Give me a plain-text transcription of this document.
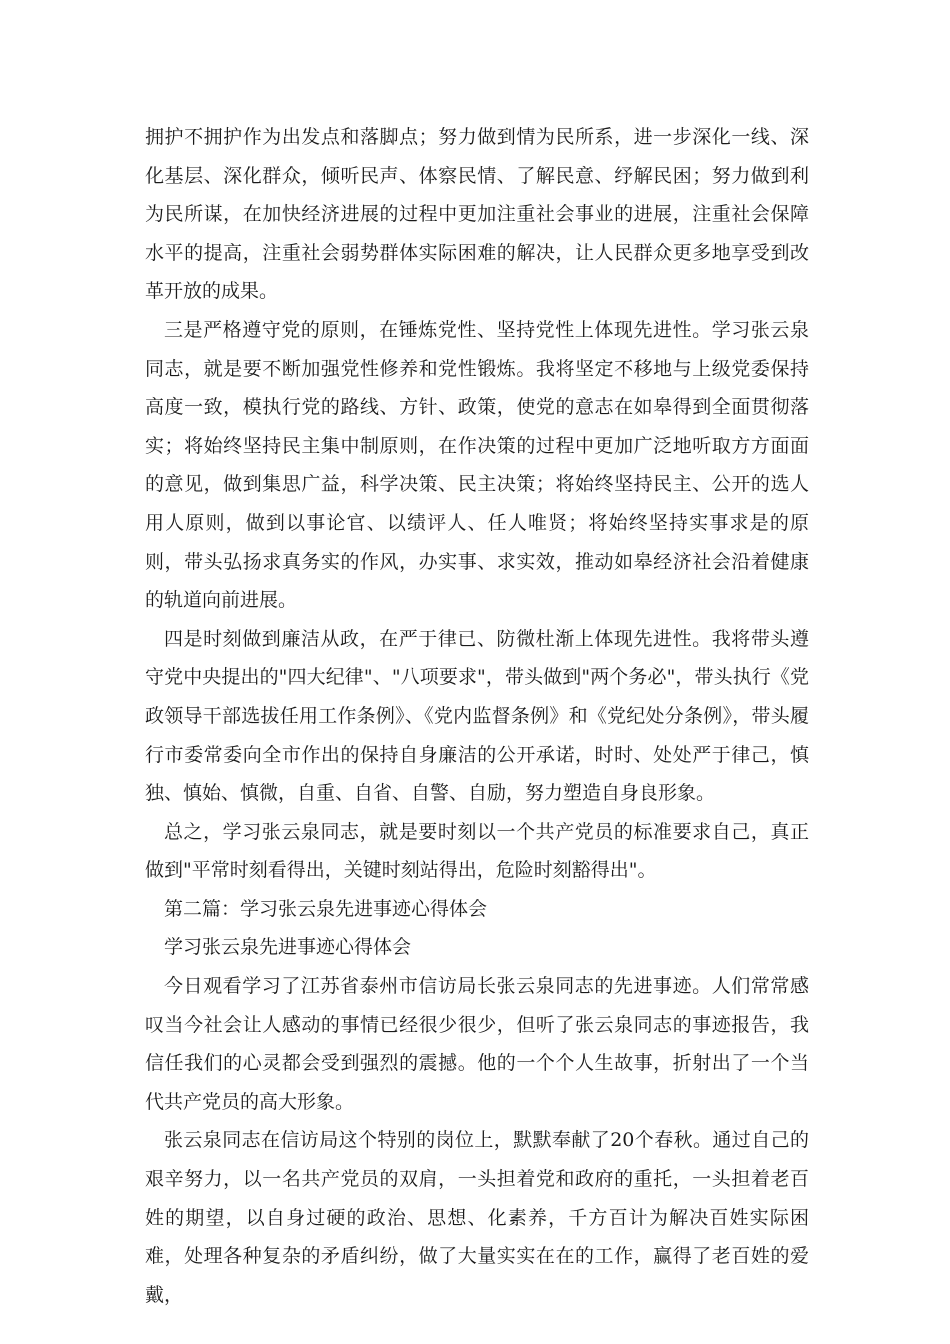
拥护不拥护作为出发点和落脚点；努力做到情为民所系，进一步深化一线、深化基层、深化群众，倾听民声、体察民情、了解民意、纾解民困；努力做到利为民所谋，在加快经济进展的过程中更加注重社会事业的进展，注重社会保障水平的提高，注重社会弱势群体实际困难的解决，让人民群众更多地享受到改革开放的成果。

三是严格遵守党的原则，在锤炼党性、坚持党性上体现先进性。学习张云泉同志，就是要不断加强党性修养和党性锻炼。我将坚定不移地与上级党委保持高度一致，模执行党的路线、方针、政策，使党的意志在如皋得到全面贯彻落实；将始终坚持民主集中制原则，在作决策的过程中更加广泛地听取方方面面的意见，做到集思广益，科学决策、民主决策；将始终坚持民主、公开的选人用人原则，做到以事论官、以绩评人、任人唯贤；将始终坚持实事求是的原则，带头弘扬求真务实的作风，办实事、求实效，推动如皋经济社会沿着健康的轨道向前进展。

四是时刻做到廉洁从政，在严于律已、防微杜渐上体现先进性。我将带头遵守党中央提出的"四大纪律"、"八项要求"，带头做到"两个务必"，带头执行《党政领导干部选拔任用工作条例》、《党内监督条例》和《党纪处分条例》，带头履行市委常委向全市作出的保持自身廉洁的公开承诺，时时、处处严于律己，慎独、慎始、慎微，自重、自省、自警、自励，努力塑造自身良形象。

总之，学习张云泉同志，就是要时刻以一个共产党员的标准要求自己，真正做到"平常时刻看得出，关键时刻站得出，危险时刻豁得出"。

第二篇：学习张云泉先进事迹心得体会

学习张云泉先进事迹心得体会

今日观看学习了江苏省泰州市信访局长张云泉同志的先进事迹。人们常常感叹当今社会让人感动的事情已经很少很少，但听了张云泉同志的事迹报告，我信任我们的心灵都会受到强烈的震撼。他的一个个人生故事，折射出了一个当代共产党员的高大形象。

张云泉同志在信访局这个特别的岗位上，默默奉献了20个春秋。通过自己的艰辛努力，以一名共产党员的双肩，一头担着党和政府的重托，一头担着老百姓的期望，以自身过硬的政治、思想、化素养，千方百计为解决百姓实际困难，处理各种复杂的矛盾纠纷，做了大量实实在在的工作，赢得了老百姓的爱戴，
